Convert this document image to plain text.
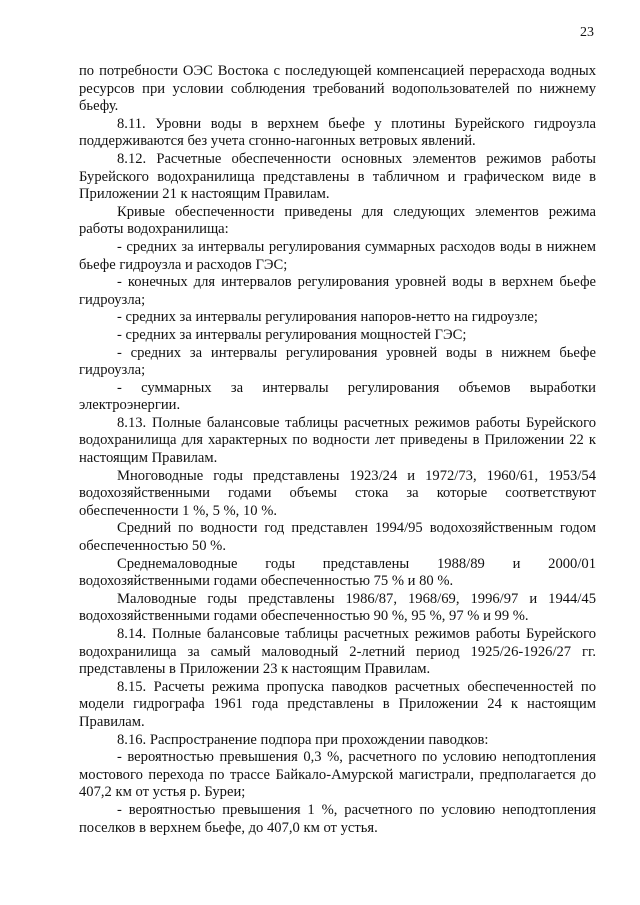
23

по потребности ОЭС Востока с последующей компенсацией перерасхода водных ресурсов при условии соблюдения требований водопользователей по нижнему бьефу.

8.11. Уровни воды в верхнем бьефе у плотины Бурейского гидроузла поддерживаются без учета сгонно-нагонных ветровых явлений.

8.12. Расчетные обеспеченности основных элементов режимов работы Бурейского водохранилища представлены в табличном и графическом виде в Приложении 21 к настоящим Правилам.

Кривые обеспеченности приведены для следующих элементов режима работы водохранилища:

- средних за интервалы регулирования суммарных расходов воды в нижнем бьефе гидроузла и расходов ГЭС;

- конечных для интервалов регулирования уровней воды в верхнем бьефе гидроузла;

- средних за интервалы регулирования напоров-нетто на гидроузле;

- средних за интервалы регулирования мощностей ГЭС;

- средних за интервалы регулирования уровней воды в нижнем бьефе гидроузла;

- суммарных за интервалы регулирования объемов выработки электроэнергии.

8.13. Полные балансовые таблицы расчетных режимов работы Бурейского водохранилища для характерных по водности лет приведены в Приложении 22 к настоящим Правилам.

Многоводные годы представлены 1923/24 и 1972/73, 1960/61, 1953/54 водохозяйственными годами объемы стока за которые соответствуют обеспеченности 1 %, 5 %, 10 %.

Средний по водности год представлен 1994/95 водохозяйственным годом обеспеченностью 50 %.

Среднемаловодные годы представлены 1988/89 и 2000/01 водохозяйственными годами обеспеченностью 75 % и 80 %.

Маловодные годы представлены 1986/87, 1968/69, 1996/97 и 1944/45 водохозяйственными годами обеспеченностью 90 %, 95 %, 97 % и 99 %.

8.14. Полные балансовые таблицы расчетных режимов работы Бурейского водохранилища за самый маловодный 2-летний период 1925/26-1926/27 гг. представлены в Приложении 23 к настоящим Правилам.

8.15. Расчеты режима пропуска паводков расчетных обеспеченностей по модели гидрографа 1961 года представлены в Приложении 24 к настоящим Правилам.

8.16. Распространение подпора при прохождении паводков:

- вероятностью превышения 0,3 %, расчетного по условию неподтопления мостового перехода по трассе Байкало-Амурской магистрали, предполагается до 407,2 км от устья р. Буреи;

- вероятностью превышения 1 %, расчетного по условию неподтопления поселков в верхнем бьефе, до 407,0 км от устья.
